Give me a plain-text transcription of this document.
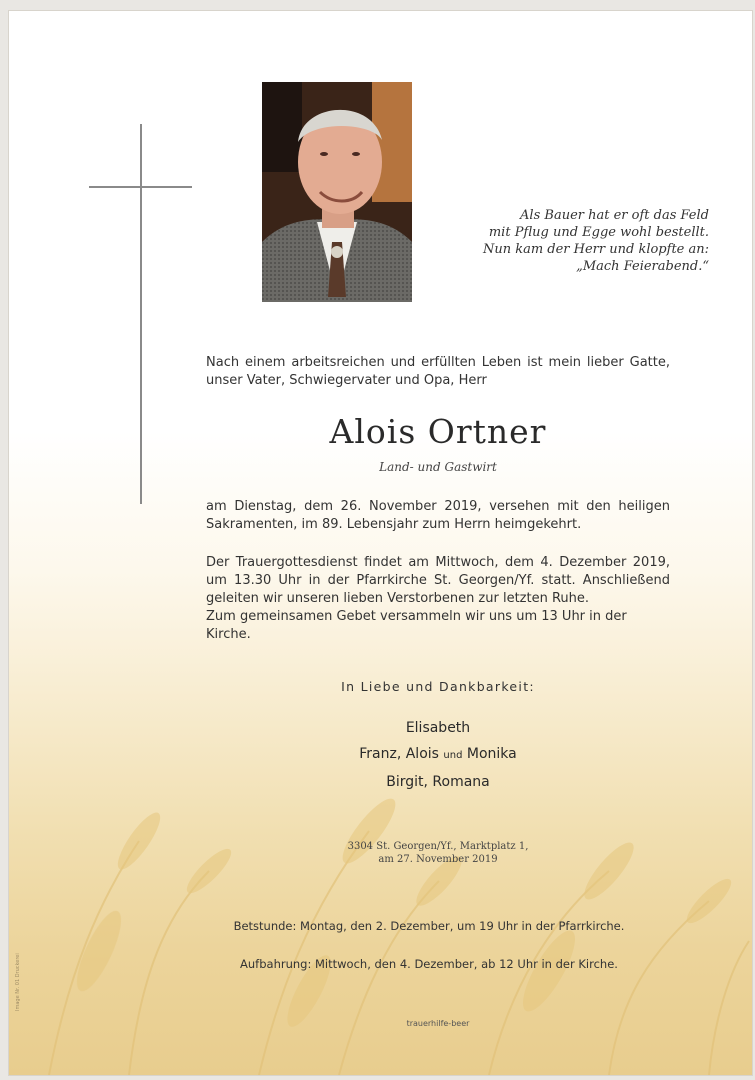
Als Bauer hat er oft das Feld
mit Pflug und Egge wohl bestellt.
Nun kam der Herr und klopfte an:
„Mach Feierabend.“
Nach einem arbeitsreichen und erfüllten Leben ist mein lieber Gatte, unser Vater, Schwiegervater und Opa, Herr
Alois Ortner
Land- und Gastwirt
am Dienstag, dem 26. November 2019, versehen mit den heiligen Sakramenten, im 89. Lebensjahr zum Herrn heimgekehrt.
Der Trauergottesdienst findet am Mittwoch, dem 4. Dezember 2019, um 13.30 Uhr in der Pfarrkirche St. Georgen/Yf. statt. Anschließend geleiten wir unseren lieben Verstorbenen zur letzten Ruhe.
Zum gemeinsamen Gebet versammeln wir uns um 13 Uhr in der Kirche.
In Liebe und Dankbarkeit:
Elisabeth
Franz, Alois und Monika
Birgit, Romana
3304 St. Georgen/Yf., Marktplatz 1,
am 27. November 2019
Betstunde: Montag, den 2. Dezember, um 19 Uhr in der Pfarrkirche.
Aufbahrung: Mittwoch, den 4. Dezember, ab 12 Uhr in der Kirche.
trauerhilfe-beer
Image Nr. 01 Druckerei
